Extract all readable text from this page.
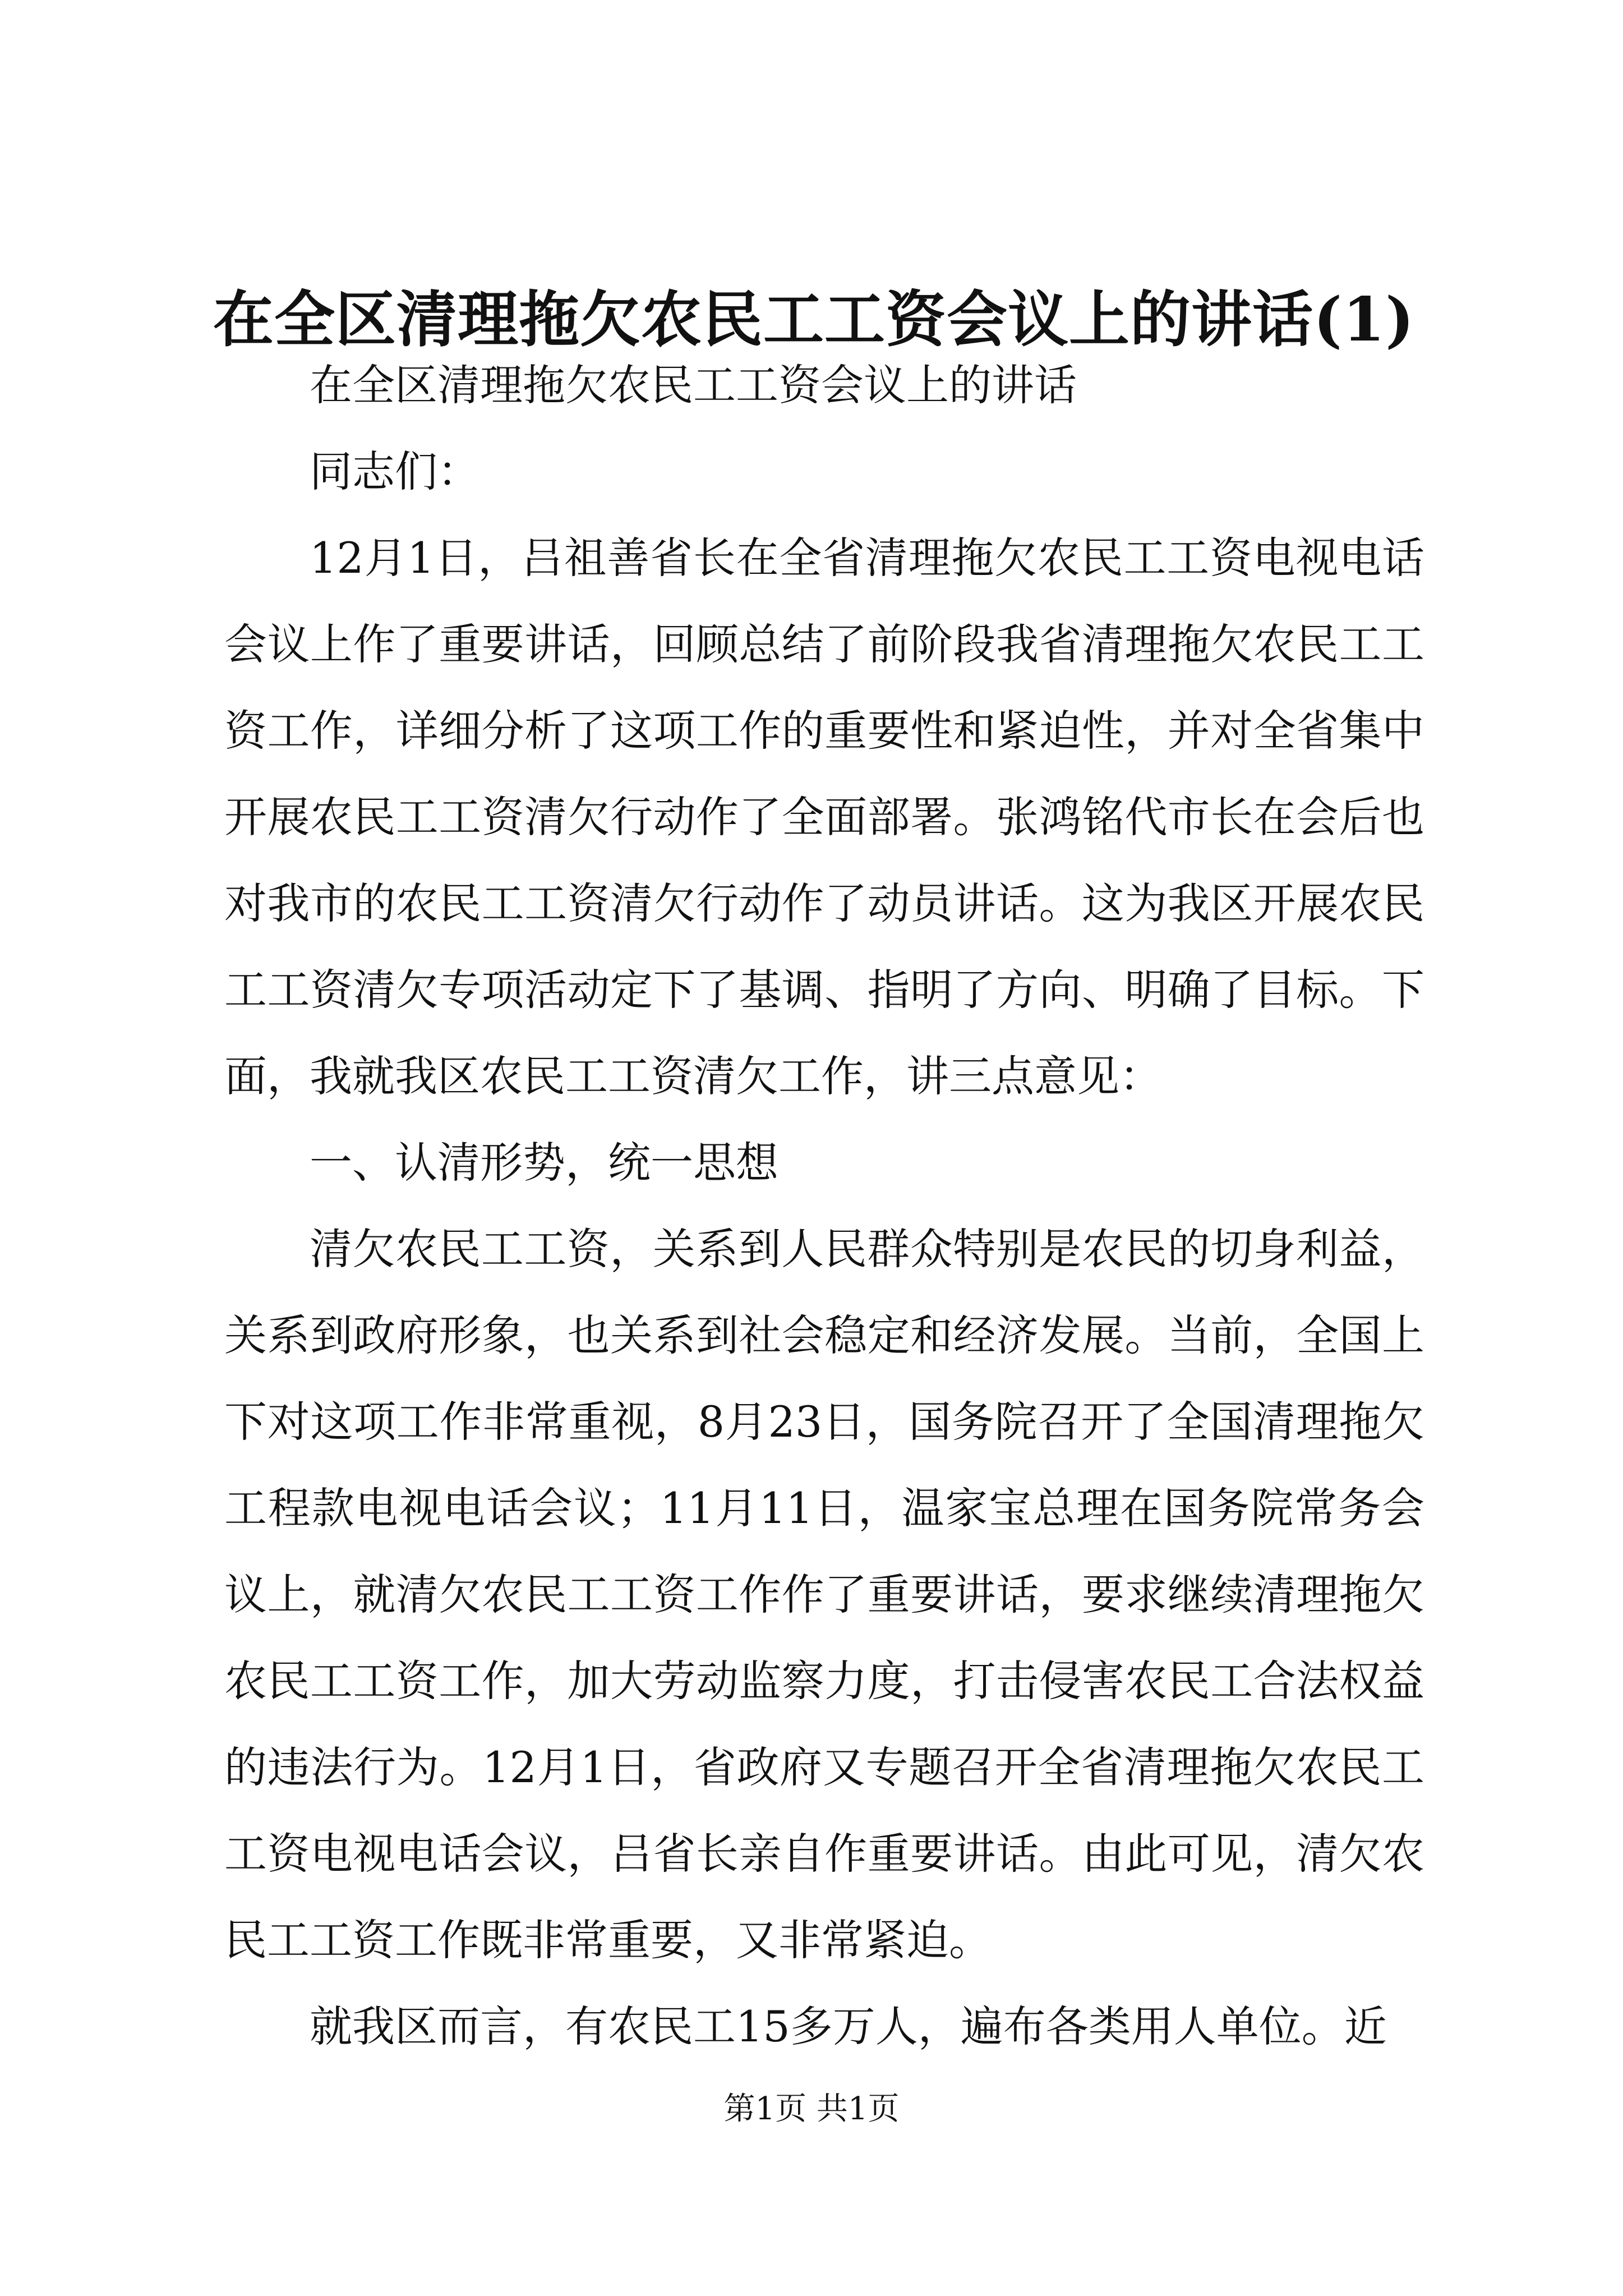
在全区清理拖欠农民工工资会议上的讲话(1)

在全区清理拖欠农民工工资会议上的讲话

同志们：

12月1日，吕祖善省长在全省清理拖欠农民工工资电视电话会议上作了重要讲话，回顾总结了前阶段我省清理拖欠农民工工资工作，详细分析了这项工作的重要性和紧迫性，并对全省集中开展农民工工资清欠行动作了全面部署。张鸿铭代市长在会后也对我市的农民工工资清欠行动作了动员讲话。这为我区开展农民工工资清欠专项活动定下了基调、指明了方向、明确了目标。下面，我就我区农民工工资清欠工作，讲三点意见：

一、认清形势，统一思想

清欠农民工工资，关系到人民群众特别是农民的切身利益，关系到政府形象，也关系到社会稳定和经济发展。当前，全国上下对这项工作非常重视，8月23日，国务院召开了全国清理拖欠工程款电视电话会议；11月11日，温家宝总理在国务院常务会议上，就清欠农民工工资工作作了重要讲话，要求继续清理拖欠农民工工资工作，加大劳动监察力度，打击侵害农民工合法权益的违法行为。12月1日，省政府又专题召开全省清理拖欠农民工工资电视电话会议，吕省长亲自作重要讲话。由此可见，清欠农民工工资工作既非常重要，又非常紧迫。

就我区而言，有农民工15多万人，遍布各类用人单位。近

第1页 共1页
